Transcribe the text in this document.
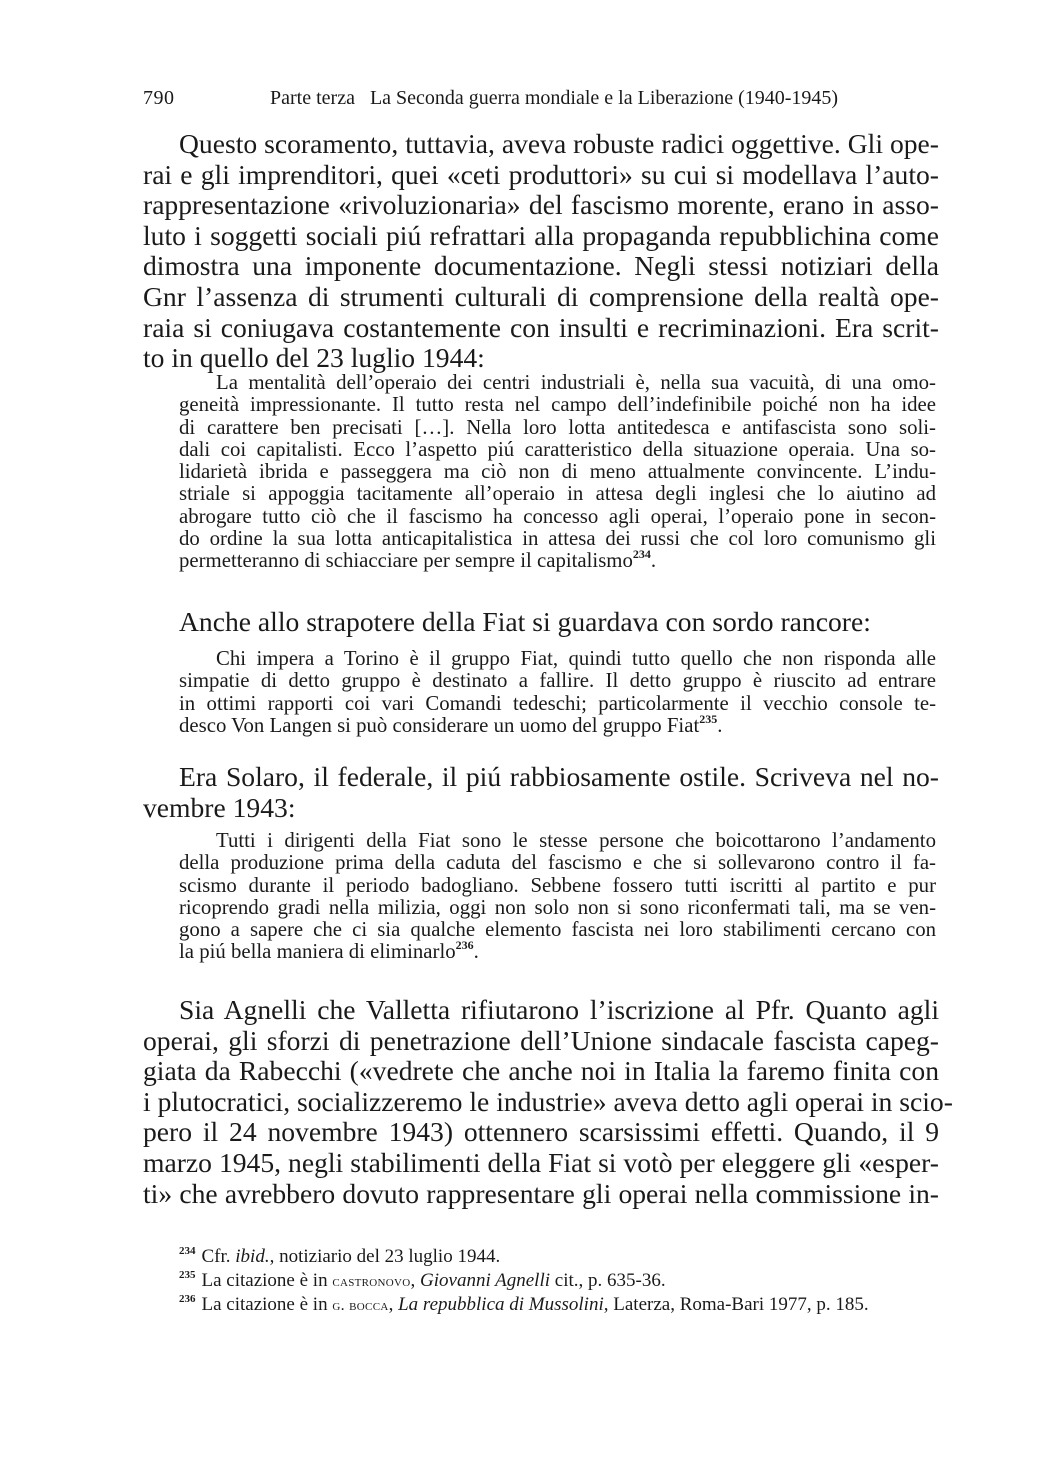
790	Parte terza   La Seconda guerra mondiale e la Liberazione (1940-1945)
Questo scoramento, tuttavia, aveva robuste radici oggettive. Gli ope-
rai e gli imprenditori, quei «ceti produttori» su cui si modellava l’auto-
rappresentazione «rivoluzionaria» del fascismo morente, erano in asso-
luto i soggetti sociali piú refrattari alla propaganda repubblichina come
dimostra una imponente documentazione. Negli stessi notiziari della
Gnr l’assenza di strumenti culturali di comprensione della realtà ope-
raia si coniugava costantemente con insulti e recriminazioni. Era scrit-
to in quello del 23 luglio 1944:
La mentalità dell’operaio dei centri industriali è, nella sua vacuità, di una omo-
geneità impressionante. Il tutto resta nel campo dell’indefinibile poiché non ha idee
di carattere ben precisati […]. Nella loro lotta antitedesca e antifascista sono soli-
dali coi capitalisti. Ecco l’aspetto piú caratteristico della situazione operaia. Una so-
lidarietà ibrida e passeggera ma ciò non di meno attualmente convincente. L’indu-
striale si appoggia tacitamente all’operaio in attesa degli inglesi che lo aiutino ad
abrogare tutto ciò che il fascismo ha concesso agli operai, l’operaio pone in secon-
do ordine la sua lotta anticapitalistica in attesa dei russi che col loro comunismo gli
permetteranno di schiacciare per sempre il capitalismo$^{234}$.
Anche allo strapotere della Fiat si guardava con sordo rancore:
Chi impera a Torino è il gruppo Fiat, quindi tutto quello che non risponda alle
simpatie di detto gruppo è destinato a fallire. Il detto gruppo è riuscito ad entrare
in ottimi rapporti coi vari Comandi tedeschi; particolarmente il vecchio console te-
desco Von Langen si può considerare un uomo del gruppo Fiat$^{235}$.
Era Solaro, il federale, il piú rabbiosamente ostile. Scriveva nel no-
vembre 1943:
Tutti i dirigenti della Fiat sono le stesse persone che boicottarono l’andamento
della produzione prima della caduta del fascismo e che si sollevarono contro il fa-
scismo durante il periodo badogliano. Sebbene fossero tutti iscritti al partito e pur
ricoprendo gradi nella milizia, oggi non solo non si sono riconfermati tali, ma se ven-
gono a sapere che ci sia qualche elemento fascista nei loro stabilimenti cercano con
la piú bella maniera di eliminarlo$^{236}$.
Sia Agnelli che Valletta rifiutarono l’iscrizione al Pfr. Quanto agli
operai, gli sforzi di penetrazione dell’Unione sindacale fascista capeg-
giata da Rabecchi («vedrete che anche noi in Italia la faremo finita con
i plutocratici, socializzeremo le industrie» aveva detto agli operai in scio-
pero il 24 novembre 1943) ottennero scarsissimi effetti. Quando, il 9
marzo 1945, negli stabilimenti della Fiat si votò per eleggere gli «esper-
ti» che avrebbero dovuto rappresentare gli operai nella commissione in-
$^{234}$ Cfr. ibid., notiziario del 23 luglio 1944.
$^{235}$ La citazione è in castronovo, Giovanni Agnelli cit., p. 635-36.
$^{236}$ La citazione è in g. bocca, La repubblica di Mussolini, Laterza, Roma-Bari 1977, p. 185.
